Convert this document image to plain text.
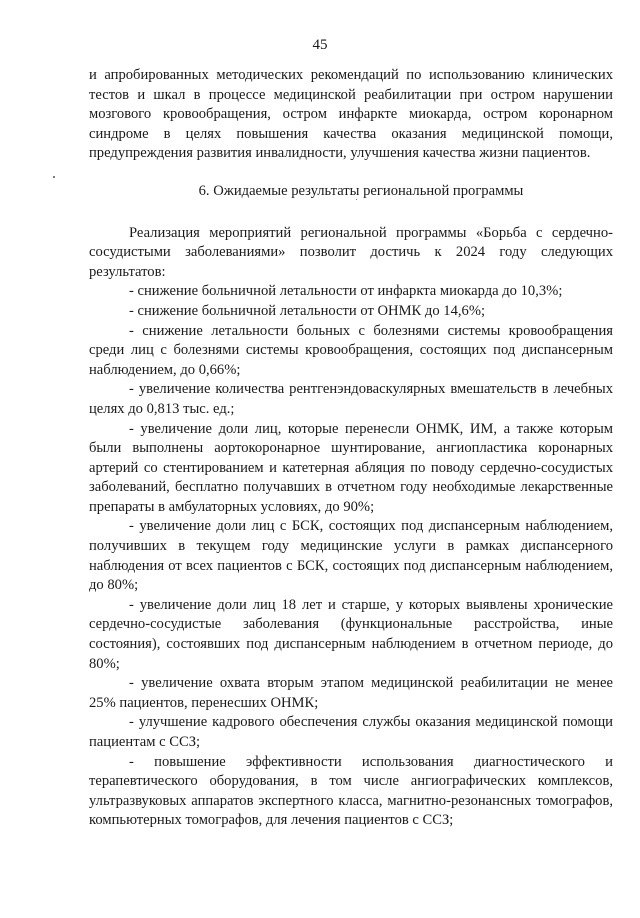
45

и апробированных методических рекомендаций по использованию клинических тестов и шкал в процессе медицинской реабилитации при остром нарушении мозгового кровообращения, остром инфаркте миокарда, остром коронарном синдроме в целях повышения качества оказания медицинской помощи, предупреждения развития инвалидности, улучшения качества жизни пациентов.

6. Ожидаемые результаты региональной программы

Реализация мероприятий региональной программы «Борьба с сердечно-сосудистыми заболеваниями» позволит достичь к 2024 году следующих результатов:

- снижение больничной летальности от инфаркта миокарда до 10,3%;

- снижение больничной летальности от ОНМК до 14,6%;

- снижение летальности больных с болезнями системы кровообращения среди лиц с болезнями системы кровообращения, состоящих под диспансерным наблюдением, до 0,66%;

- увеличение количества рентгенэндоваскулярных вмешательств в лечебных целях до 0,813 тыс. ед.;

- увеличение доли лиц, которые перенесли ОНМК, ИМ, а также которым были выполнены аортокоронарное шунтирование, ангиопластика коронарных артерий со стентированием и катетерная абляция по поводу сердечно-сосудистых заболеваний, бесплатно получавших в отчетном году необходимые лекарственные препараты в амбулаторных условиях, до 90%;

- увеличение доли лиц с БСК, состоящих под диспансерным наблюдением, получивших в текущем году медицинские услуги в рамках диспансерного наблюдения от всех пациентов с БСК, состоящих под диспансерным наблюдением, до 80%;

- увеличение доли лиц 18 лет и старше, у которых выявлены хронические сердечно-сосудистые заболевания (функциональные расстройства, иные состояния), состоявших под диспансерным наблюдением в отчетном периоде, до 80%;

- увеличение охвата вторым этапом медицинской реабилитации не менее 25% пациентов, перенесших ОНМК;

- улучшение кадрового обеспечения службы оказания медицинской помощи пациентам с ССЗ;

- повышение эффективности использования диагностического и терапевтического оборудования, в том числе ангиографических комплексов, ультразвуковых аппаратов экспертного класса, магнитно-резонансных томографов, компьютерных томографов, для лечения пациентов с ССЗ;
